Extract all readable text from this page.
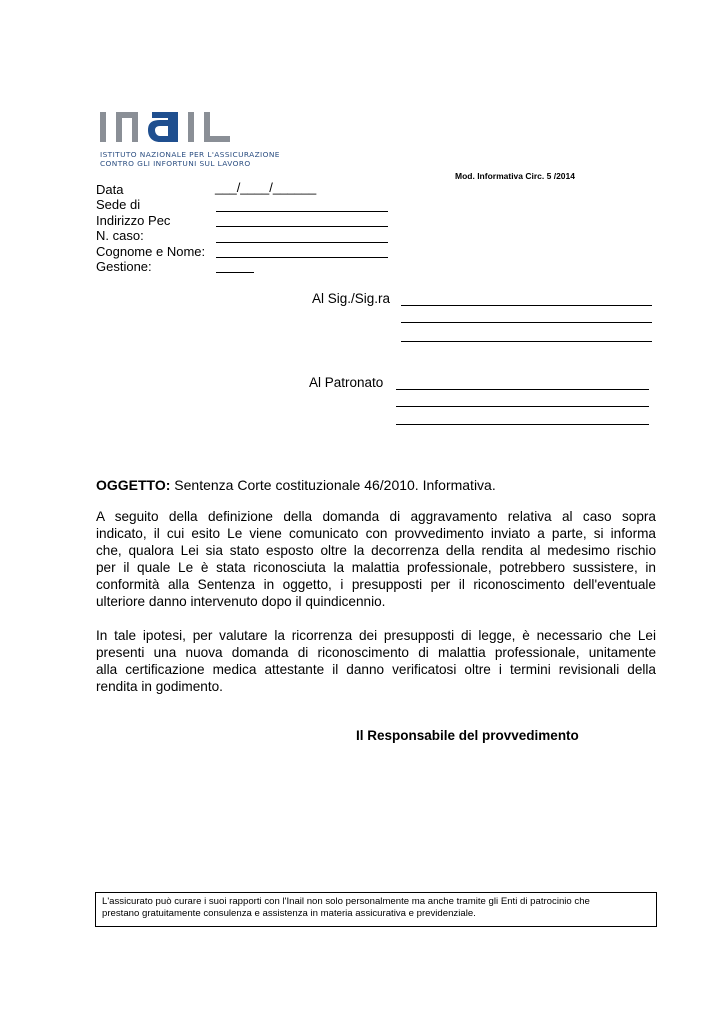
ISTITUTO NAZIONALE PER L'ASSICURAZIONE
CONTRO GLI INFORTUNI SUL LAVORO
Mod. Informativa Circ. 5 /2014
Data	___/____/______
Sede di
Indirizzo Pec
N. caso:
Cognome e Nome:
Gestione:
Al Sig./Sig.ra
Al Patronato
OGGETTO: Sentenza Corte costituzionale 46/2010. Informativa.
A seguito della definizione della domanda di aggravamento relativa al caso sopra
indicato, il cui esito Le viene comunicato con provvedimento inviato a parte, si informa
che, qualora Lei sia stato esposto oltre la decorrenza della rendita al medesimo rischio
per il quale Le è stata riconosciuta la malattia professionale, potrebbero sussistere, in
conformità alla Sentenza in oggetto, i presupposti per il riconoscimento dell'eventuale
ulteriore danno intervenuto dopo il quindicennio.
In tale ipotesi, per valutare la ricorrenza dei presupposti di legge, è necessario che Lei
presenti una nuova domanda di riconoscimento di malattia professionale, unitamente
alla certificazione medica attestante il danno verificatosi oltre i termini revisionali della
rendita in godimento.
Il Responsabile del provvedimento
L'assicurato può curare i suoi rapporti con l'Inail non solo personalmente ma anche tramite gli Enti di patrocinio che
prestano gratuitamente consulenza e assistenza in materia assicurativa e previdenziale.
